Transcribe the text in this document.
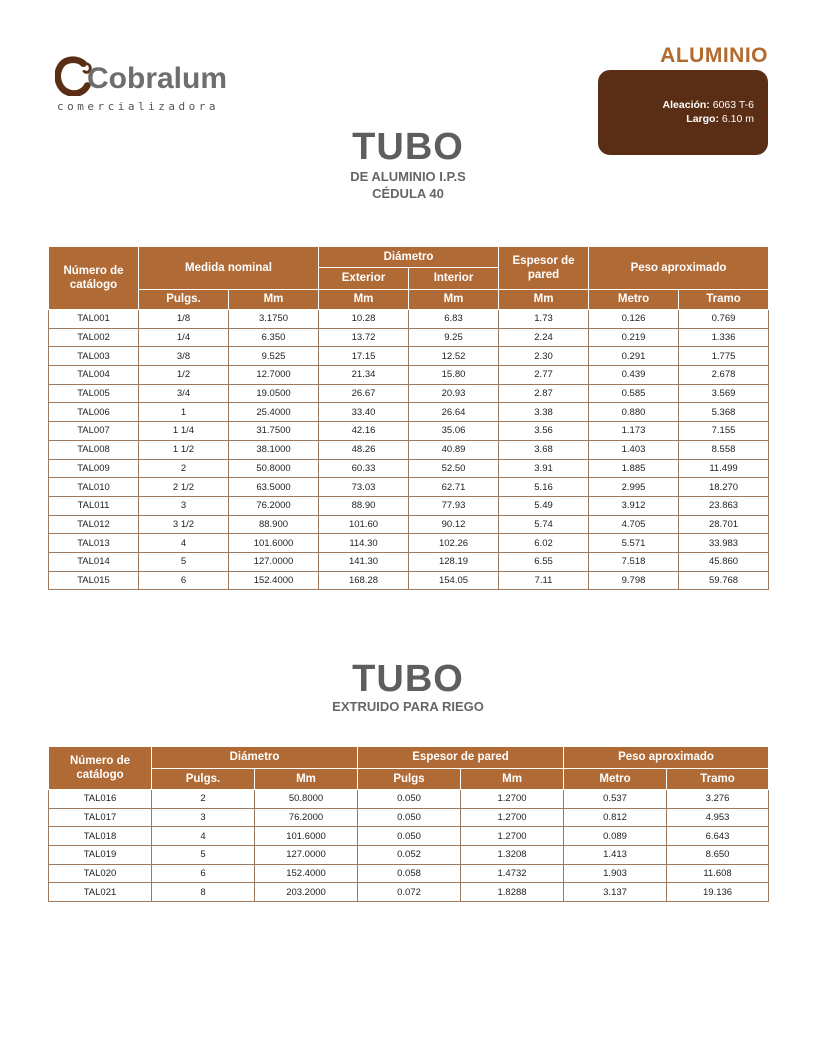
Cobralum
comercializadora
ALUMINIO
Aleación: 6063 T-6
Largo: 6.10 m
TUBO
DE ALUMINIO I.P.S
CÉDULA 40
Número de catálogo	Medida nominal		Diámetro		Espesor de pared	Peso aproximado	
			Exterior	Interior			
	Pulgs.	Mm	Mm	Mm	Mm	Metro	Tramo
TAL001	1/8	3.1750	10.28	6.83	1.73	0.126	0.769
TAL002	1/4	6.350	13.72	9.25	2.24	0.219	1.336
TAL003	3/8	9.525	17.15	12.52	2.30	0.291	1.775
TAL004	1/2	12.7000	21.34	15.80	2.77	0.439	2.678
TAL005	3/4	19.0500	26.67	20.93	2.87	0.585	3.569
TAL006	1	25.4000	33.40	26.64	3.38	0.880	5.368
TAL007	1 1/4	31.7500	42.16	35.06	3.56	1.173	7.155
TAL008	1 1/2	38.1000	48.26	40.89	3.68	1.403	8.558
TAL009	2	50.8000	60.33	52.50	3.91	1.885	11.499
TAL010	2 1/2	63.5000	73.03	62.71	5.16	2.995	18.270
TAL011	3	76.2000	88.90	77.93	5.49	3.912	23.863
TAL012	3 1/2	88.900	101.60	90.12	5.74	4.705	28.701
TAL013	4	101.6000	114.30	102.26	6.02	5.571	33.983
TAL014	5	127.0000	141.30	128.19	6.55	7.518	45.860
TAL015	6	152.4000	168.28	154.05	7.11	9.798	59.768
TUBO
EXTRUIDO PARA RIEGO
Número de catálogo	Diámetro		Espesor de pared		Peso aproximado	
	Pulgs.	Mm	Pulgs	Mm	Metro	Tramo
TAL016	2	50.8000	0.050	1.2700	0.537	3.276
TAL017	3	76.2000	0.050	1.2700	0.812	4.953
TAL018	4	101.6000	0.050	1.2700	0.089	6.643
TAL019	5	127.0000	0.052	1.3208	1.413	8.650
TAL020	6	152.4000	0.058	1.4732	1.903	11.608
TAL021	8	203.2000	0.072	1.8288	3.137	19.136
